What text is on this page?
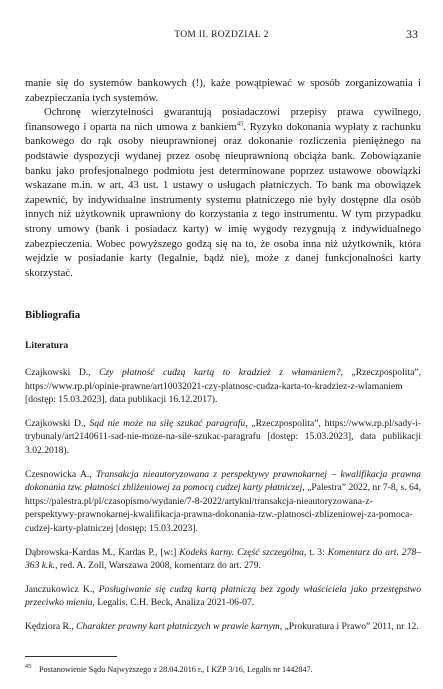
TOM II. ROZDZIAŁ 2	33

manie się do systemów bankowych (!), każe powątpiewać w sposób zorganizowania i zabezpieczania tych systemów.

Ochronę wierzytelności gwarantują posiadaczowi przepisy prawa cywilnego, finansowego i oparta na nich umowa z bankiem$^{45}$. Ryzyko dokonania wypłaty z rachunku bankowego do rąk osoby nieuprawnionej oraz dokonanie rozliczenia pieniężnego na podstawie dyspozycji wydanej przez osobę nieuprawnioną obciąża bank. Zobowiązanie banku jako profesjonalnego podmiotu jest determinowane poprzez ustawowe obowiązki wskazane m.in. w art. 43 ust. 1 ustawy o usługach płatniczych. To bank ma obowiązek zapewnić, by indywidualne instrumenty systemu płatniczego nie były dostępne dla osób innych niż użytkownik uprawniony do korzystania z tego instrumentu. W tym przypadku strony umowy (bank i posiadacz karty) w imię wygody rezygnują z indywidualnego zabezpieczenia. Wobec powyższego godzą się na to, że osoba inna niż użytkownik, która wejdzie w posiadanie karty (legalnie, bądź nie), może z danej funkcjonalności karty skorzystać.

Bibliografia
Literatura

Czajkowski D., Czy płatność cudzą kartą to kradzież z włamaniem?, „Rzeczpospolita”, https://www.rp.pl/opinie-prawne/art10032021-czy-platnosc-cudza-karta-to-kradziez-z-wlamaniem [dostęp: 15.03.2023], data publikacji 16.12.2017).

Czajkowski D., Sąd nie może na siłę szukać paragrafu, „Rzeczpospolita”, https://www.rp.pl/sady-i-trybunaly/art2140611-sad-nie-moze-na-sile-szukac-paragrafu [dostęp: 15.03.2023], data publikacji 3.02.2018).

Czesnowicka A., Transakcja nieautoryzowana z perspektywy prawnokarnej – kwalifikacja prawna dokonania tzw. płatności zbliżeniowej za pomocą cudzej karty płatniczej, „Palestra” 2022, nr 7-8, s. 64, https://palestra.pl/pl/czasopismo/wydanie/7-8-2022/artykul/transakcja-nieautoryzowana-z-perspektywy-prawnokarnej-kwalifikacja-prawna-dokonania-tzw.-platnosci-zblizeniowej-za-pomoca-cudzej-karty-platniczej [dostęp: 15.03.2023].

Dąbrowska-Kardas M., Kardas P., [w:] Kodeks karny. Część szczególna, t. 3: Komentarz do art. 278–363 k.k., red. A. Zoll, Warszawa 2008, komentarz do art. 279.

Janczukowicz K., Posługiwanie się cudzą kartą płatniczą bez zgody właściciela jako przestępstwo przeciwko mieniu, Legalis, C.H. Beck, Analiza 2021-06-07.

Kędziora R., Charakter prawny kart płatniczych w prawie karnym, „Prokuratura i Prawo” 2011, nr 12.

$^{45}$ Postanowienie Sądu Najwyższego z 28.04.2016 r., I KZP 3/16, Legalis nr 1442847.
